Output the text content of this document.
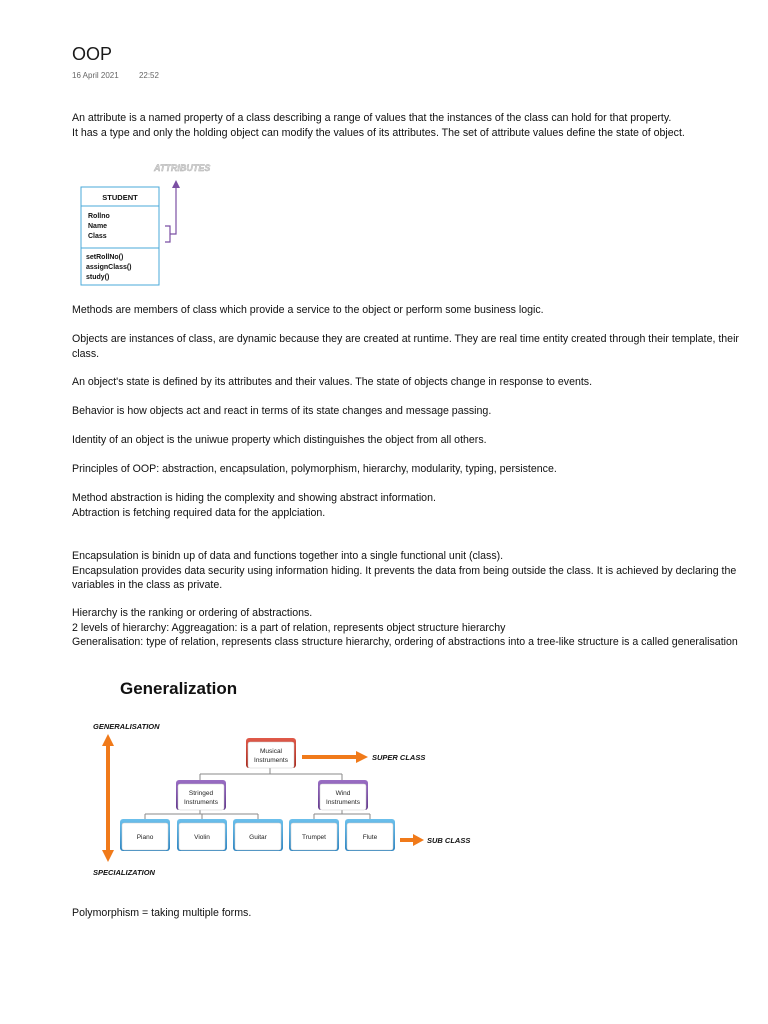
OOP
16 April 2021	22:52
An attribute is a named property of a class describing a range of values that the instances of the class can hold for that property.
It has a type and only the holding object can modify the values of its attributes. The set of attribute values define the state of object.
ATTRIBUTES
STUDENT
Rollno
Name
Class
setRollNo()
assignClass()
study()
Methods are members of class which provide a service to the object or perform some business logic.
Objects are instances of class, are dynamic because they are created at runtime. They are real time entity created through their template, their class.
An object's state is defined by its attributes and their values. The state of objects change in response to events.
Behavior is how objects act and react in terms of its state changes and message passing.
Identity of an object is the uniwue property which distinguishes the object from all others.
Principles of OOP: abstraction, encapsulation, polymorphism, hierarchy, modularity, typing, persistence.
Method abstraction is hiding the complexity and showing abstract information.
Abtraction is fetching required data for the applciation.
Encapsulation is binidn up of data and functions together into a single functional unit (class).
Encapsulation provides data security using information hiding. It prevents the data from being outside the class. It is achieved by declaring the variables in the class as private.
Hierarchy is the ranking or ordering of abstractions.
2 levels of hierarchy: Aggreagation: is a part of relation, represents object structure hierarchy
Generalisation: type of relation, represents class structure hierarchy, ordering of abstractions into a tree-like structure is a called generalisation
Generalization
GENERALISATION
SPECIALIZATION
Musical
Instruments	SUPER CLASS
Stringed
Instruments
Wind
Instruments
Piano	Violin	Guitar	Trumpet	Flute	SUB CLASS
Polymorphism = taking multiple forms.
